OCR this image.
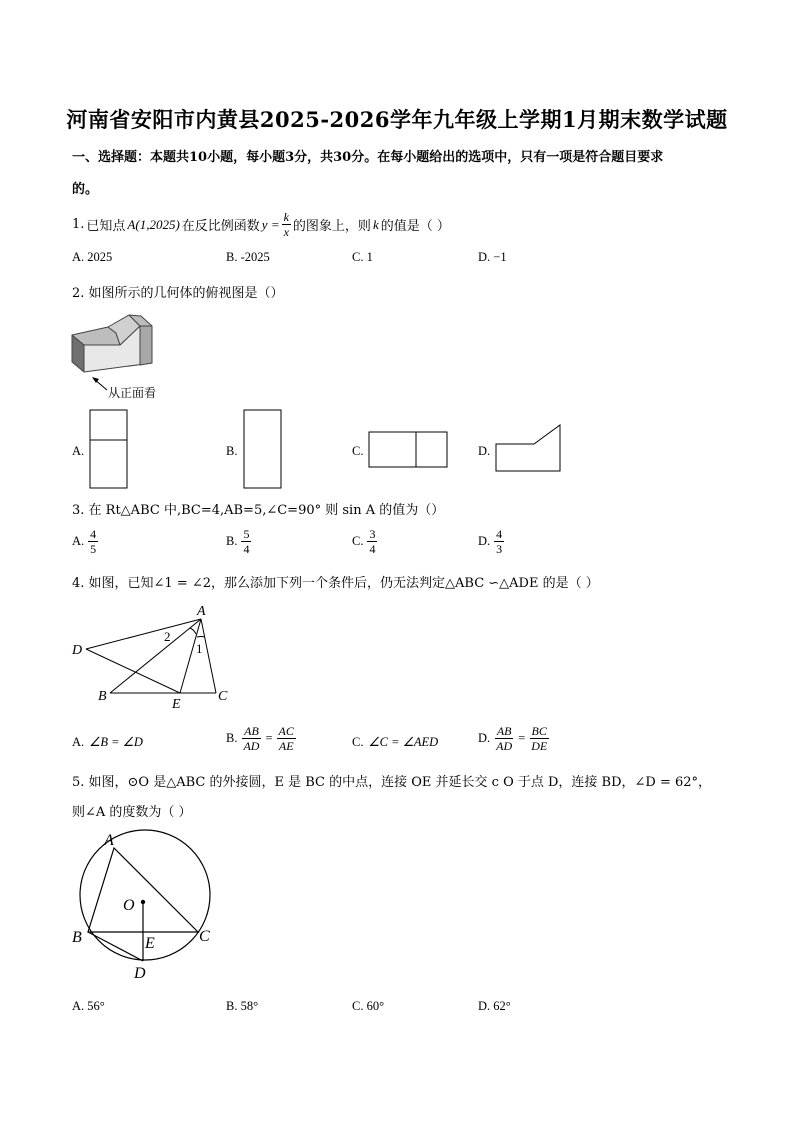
河南省安阳市内黄县2025-2026学年九年级上学期1月期末数学试题
一、选择题：本题共10小题，每小题3分，共30分。在每小题给出的选项中，只有一项是符合题目要求
的。
1. 已知点 A(1,2025) 在反比例函数 $y = \frac{k}{x}$ 的图象上，则 k 的值是（ ）
A. 2025	B. -2025	C. 1	D. −1
2. 如图所示的几何体的俯视图是（）
从正面看
A.	B.	C.	D.
3. 在 Rt△ABC 中,BC=4,AB=5,∠C=90° 则 sin A 的值为（）
A. $\frac{4}{5}$	B. $\frac{5}{4}$	C. $\frac{3}{4}$	D. $\frac{4}{3}$
4. 如图，已知∠1 = ∠2，那么添加下列一个条件后，仍无法判定△ABC ∽△ADE 的是（ ）
A
D
B
E
C
1
2
A. ∠B = ∠D	B. $\frac{AB}{AD} = \frac{AC}{AE}$	C. ∠C = ∠AED	D. $\frac{AB}{AD} = \frac{BC}{DE}$
5. 如图，⊙O 是△ABC 的外接圆，E 是 BC 的中点，连接 OE 并延长交 c O 于点 D，连接 BD，∠D = 62°，
则∠A 的度数为（ ）
A
O
B	C
E
D
A. 56°	B. 58°	C. 60°	D. 62°
